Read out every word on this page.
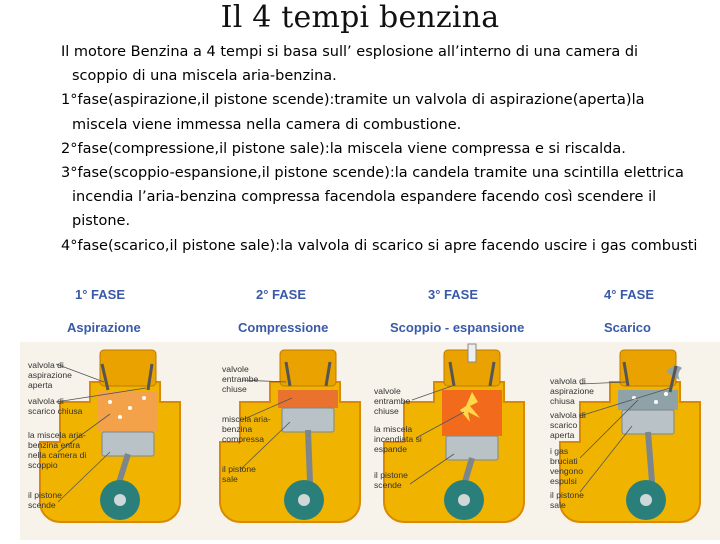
Il 4 tempi benzina

Il motore Benzina a 4 tempi si basa sull’ esplosione all’interno di una camera di scoppio di una miscela aria-benzina.

1°fase(aspirazione,il pistone scende):tramite un valvola di aspirazione(aperta)la miscela viene immessa nella camera di combustione.

2°fase(compressione,il pistone sale):la miscela viene compressa e si riscalda.

3°fase(scoppio-espansione,il pistone scende):la candela tramite una scintilla elettrica incendia l’aria-benzina compressa facendola espandere facendo così scendere il pistone.

4°fase(scarico,il pistone sale):la valvola di scarico si apre facendo uscire i gas combusti

1° FASE
Aspirazione
2° FASE
Compressione
3° FASE
Scoppio - espansione
4° FASE
Scarico
valvola di aspirazione aperta
valvola di scarico chiusa
la miscela aria-benzina entra nella camera di scoppio
il pistone scende
valvole entrambe chiuse
miscela aria-benzina compressa
il pistone sale
valvole entrambe chiuse
la miscela incendiata si espande
il pistone scende
valvola di aspirazione chiusa
valvola di scarico aperta
i gas bruciati vengono espulsi
il pistone sale
